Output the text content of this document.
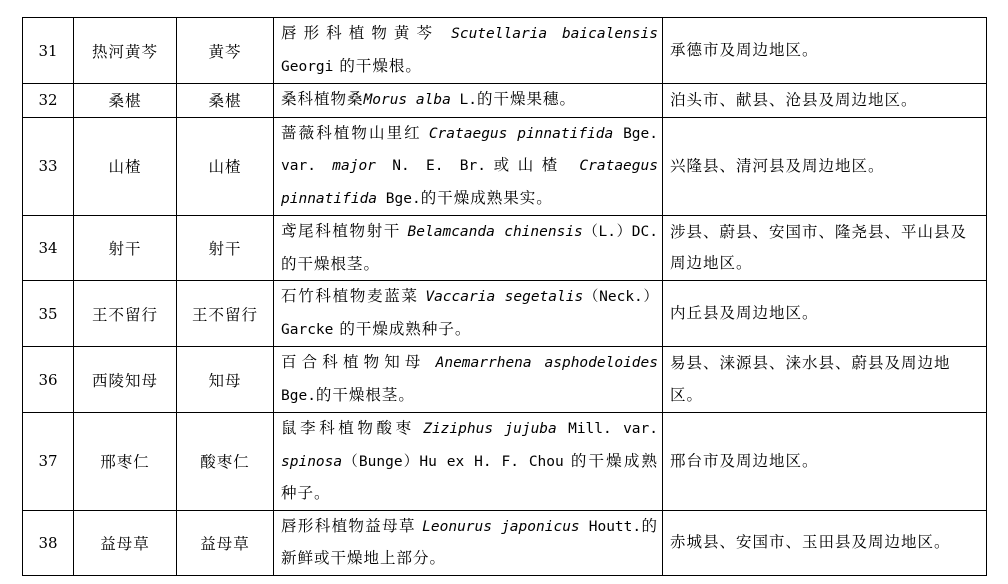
31	热河黄芩	黄芩	唇形科植物黄芩 Scutellaria baicalensis Georgi 的干燥根。	承德市及周边地区。
32	桑椹	桑椹	桑科植物桑Morus alba L.的干燥果穗。	泊头市、献县、沧县及周边地区。
33	山楂	山楂	蔷薇科植物山里红 Crataegus pinnatifida Bge. var. major N. E. Br.或山楂 Crataegus pinnatifida Bge.的干燥成熟果实。	兴隆县、清河县及周边地区。
34	射干	射干	鸢尾科植物射干 Belamcanda chinensis（L.）DC.的干燥根茎。	涉县、蔚县、安国市、隆尧县、平山县及周边地区。
35	王不留行	王不留行	石竹科植物麦蓝菜 Vaccaria segetalis（Neck.）Garcke 的干燥成熟种子。	内丘县及周边地区。
36	西陵知母	知母	百合科植物知母 Anemarrhena asphodeloides Bge.的干燥根茎。	易县、涞源县、涞水县、蔚县及周边地区。
37	邢枣仁	酸枣仁	鼠李科植物酸枣 Ziziphus jujuba Mill. var. spinosa（Bunge）Hu ex H. F. Chou 的干燥成熟种子。	邢台市及周边地区。
38	益母草	益母草	唇形科植物益母草 Leonurus japonicus Houtt.的新鲜或干燥地上部分。	赤城县、安国市、玉田县及周边地区。
